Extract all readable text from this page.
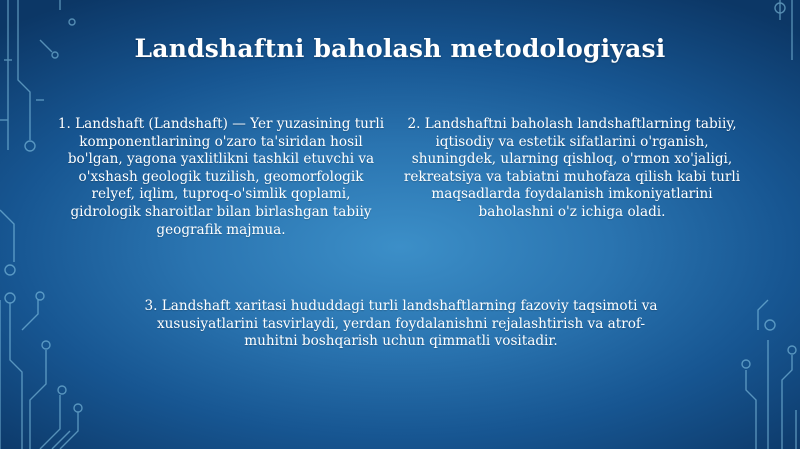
Landshaftni baholash metodologiyasi
1. Landshaft (Landshaft) — Yer yuzasining turli komponentlarining o'zaro ta'siridan hosil bo'lgan, yagona yaxlitlikni tashkil etuvchi va o'xshash geologik tuzilish, geomorfologik relyef, iqlim, tuproq-o'simlik qoplami, gidrologik sharoitlar bilan birlashgan tabiiy geografik majmua.
2. Landshaftni baholash landshaftlarning tabiiy, iqtisodiy va estetik sifatlarini o'rganish, shuningdek, ularning qishloq, o'rmon xo'jaligi, rekreatsiya va tabiatni muhofaza qilish kabi turli maqsadlarda foydalanish imkoniyatlarini baholashni o'z ichiga oladi.
3. Landshaft xaritasi hududdagi turli landshaftlarning fazoviy taqsimoti va xususiyatlarini tasvirlaydi, yerdan foydalanishni rejalashtirish va atrof-muhitni boshqarish uchun qimmatli vositadir.
